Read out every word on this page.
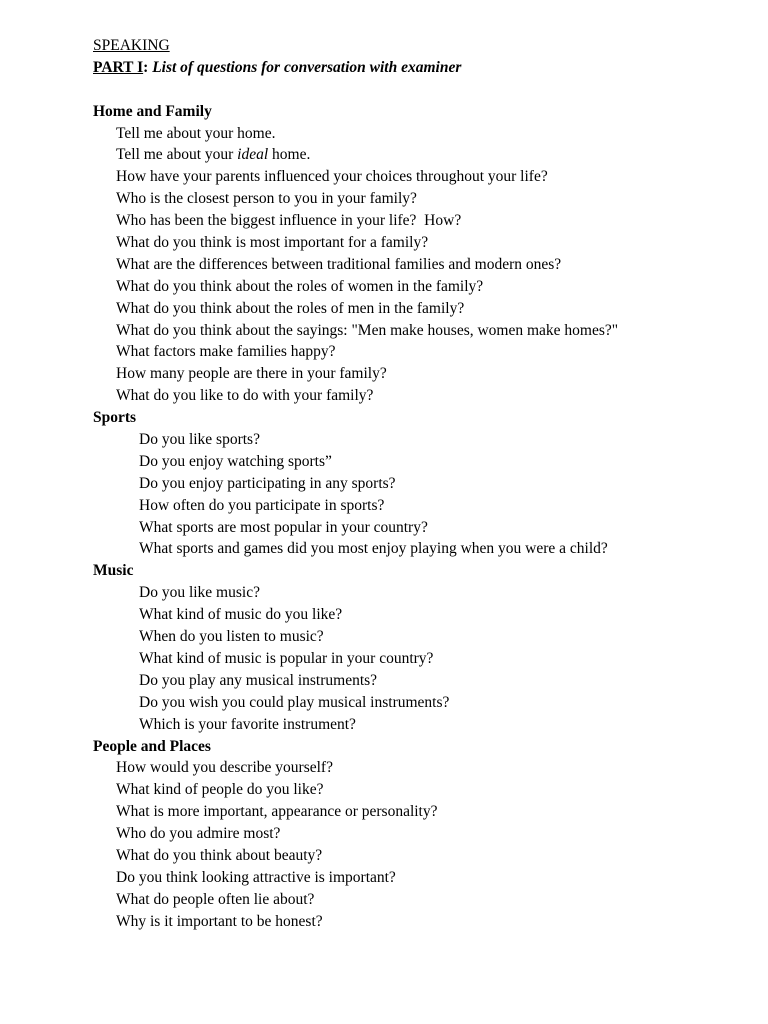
SPEAKING
PART I: List of questions for conversation with examiner
Home and Family
Tell me about your home.
Tell me about your ideal home.
How have your parents influenced your choices throughout your life?
Who is the closest person to you in your family?
Who has been the biggest influence in your life?  How?
What do you think is most important for a family?
What are the differences between traditional families and modern ones?
What do you think about the roles of women in the family?
What do you think about the roles of men in the family?
What do you think about the sayings: "Men make houses, women make homes?"
What factors make families happy?
How many people are there in your family?
What do you like to do with your family?
Sports
Do you like sports?
Do you enjoy watching sports”
Do you enjoy participating in any sports?
How often do you participate in sports?
What sports are most popular in your country?
What sports and games did you most enjoy playing when you were a child?
Music
Do you like music?
What kind of music do you like?
When do you listen to music?
What kind of music is popular in your country?
Do you play any musical instruments?
Do you wish you could play musical instruments?
Which is your favorite instrument?
People and Places
How would you describe yourself?
What kind of people do you like?
What is more important, appearance or personality?
Who do you admire most?
What do you think about beauty?
Do you think looking attractive is important?
What do people often lie about?
Why is it important to be honest?
